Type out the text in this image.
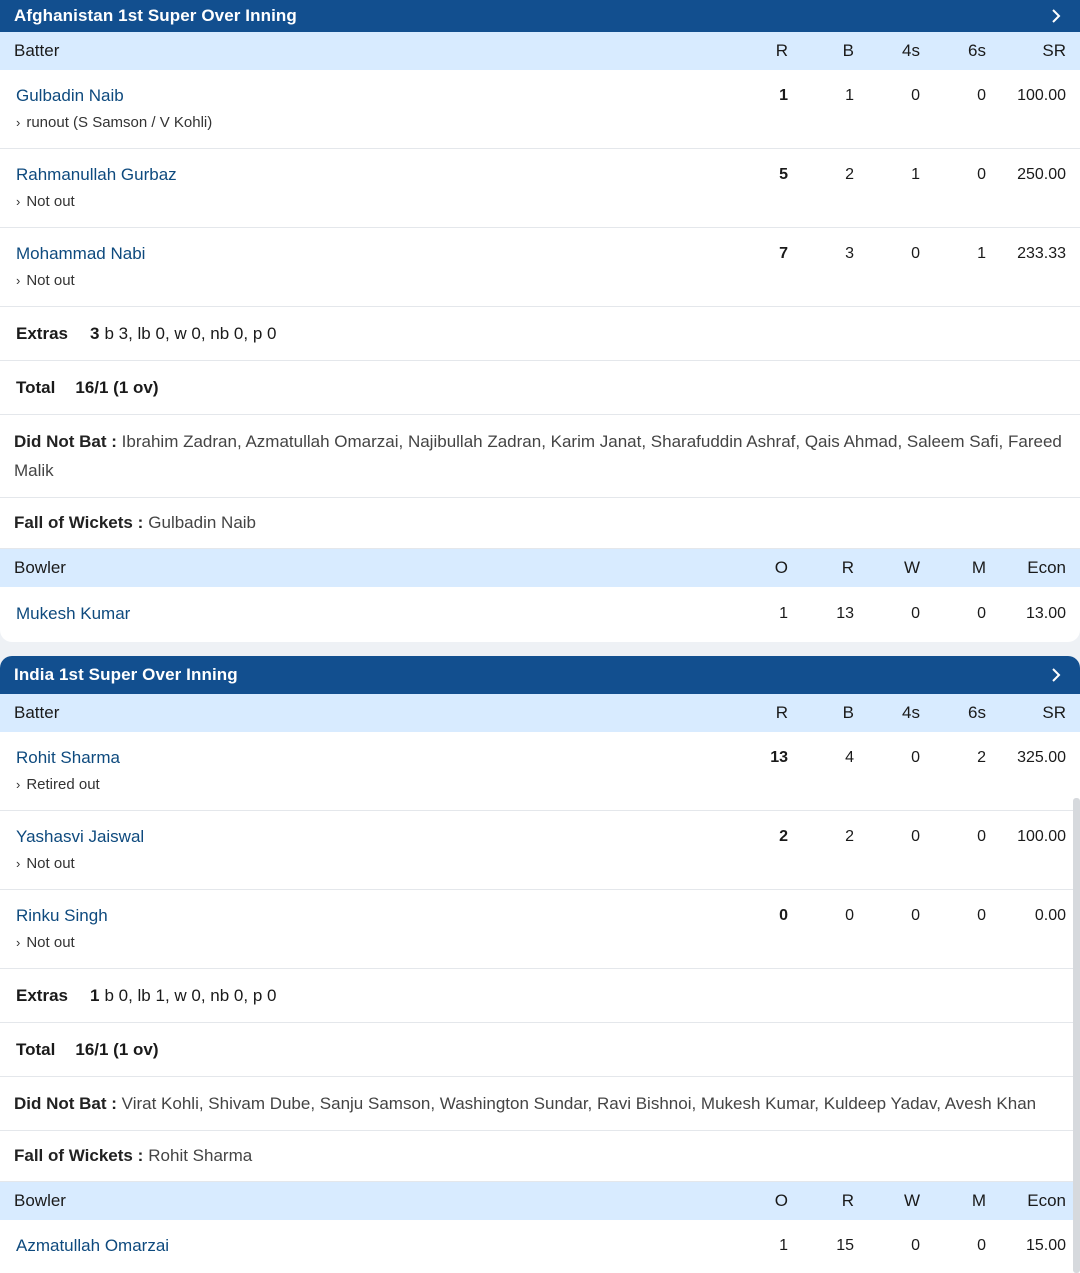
Afghanistan 1st Super Over Inning
Batter	R	B	4s	6s	SR
Gulbadin Naib	1	1	0	0	100.00
› runout (S Samson / V Kohli)
Rahmanullah Gurbaz	5	2	1	0	250.00
› Not out
Mohammad Nabi	7	3	0	1	233.33
› Not out
Extras 3 b 3, lb 0, w 0, nb 0, p 0
Total 16/1 (1 ov)
Did Not Bat : Ibrahim Zadran, Azmatullah Omarzai, Najibullah Zadran, Karim Janat, Sharafuddin Ashraf, Qais Ahmad, Saleem Safi, Fareed Malik
Fall of Wickets : Gulbadin Naib
Bowler	O	R	W	M	Econ
Mukesh Kumar	1	13	0	0	13.00
India 1st Super Over Inning
Batter	R	B	4s	6s	SR
Rohit Sharma	13	4	0	2	325.00
› Retired out
Yashasvi Jaiswal	2	2	0	0	100.00
› Not out
Rinku Singh	0	0	0	0	0.00
› Not out
Extras 1 b 0, lb 1, w 0, nb 0, p 0
Total 16/1 (1 ov)
Did Not Bat : Virat Kohli, Shivam Dube, Sanju Samson, Washington Sundar, Ravi Bishnoi, Mukesh Kumar, Kuldeep Yadav, Avesh Khan
Fall of Wickets : Rohit Sharma
Bowler	O	R	W	M	Econ
Azmatullah Omarzai	1	15	0	0	15.00
